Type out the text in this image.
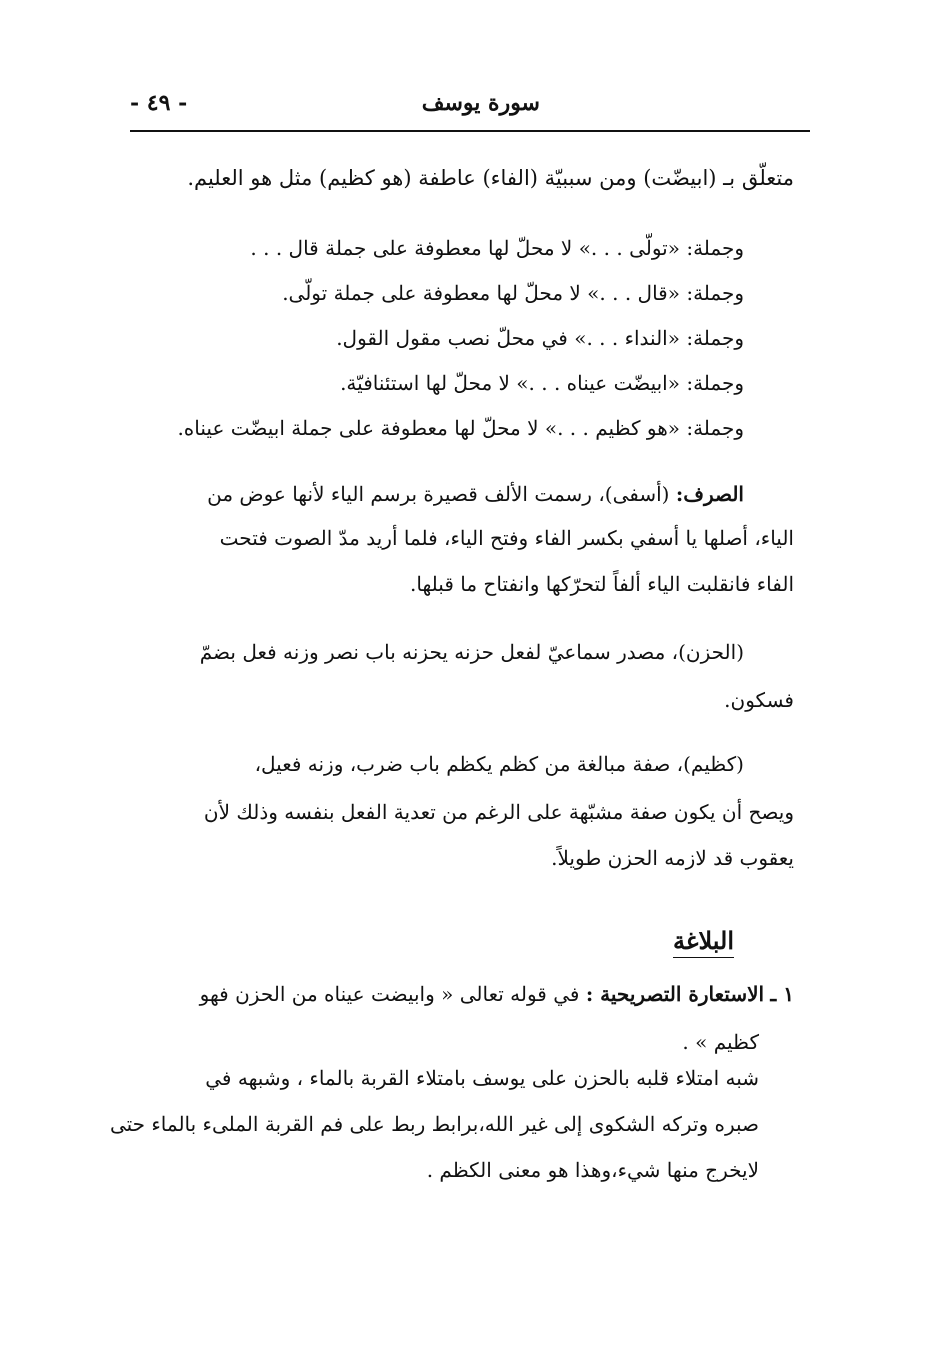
سورة يوسف
- ٤٩ -
متعلّق بـ (ابيضّت) ومن سببيّة (الفاء) عاطفة (هو كظيم) مثل هو العليم.
وجملة: «تولّى . . .» لا محلّ لها معطوفة على جملة قال . . .
وجملة: «قال . . .» لا محلّ لها معطوفة على جملة تولّى.
وجملة: «النداء . . .» في محلّ نصب مقول القول.
وجملة: «ابيضّت عيناه . . .» لا محلّ لها استئنافيّة.
وجملة: «هو كظيم . . .» لا محلّ لها معطوفة على جملة ابيضّت عيناه.
الصرف: (أسفى)، رسمت الألف قصيرة برسم الياء لأنها عوض من
الياء، أصلها يا أسفي بكسر الفاء وفتح الياء، فلما أريد مدّ الصوت فتحت
الفاء فانقلبت الياء ألفاً لتحرّكها وانفتاح ما قبلها.
(الحزن)، مصدر سماعيّ لفعل حزنه يحزنه باب نصر وزنه فعل بضمّ
فسكون.
(كظيم)، صفة مبالغة من كظم يكظم باب ضرب، وزنه فعيل،
ويصح أن يكون صفة مشبّهة على الرغم من تعدية الفعل بنفسه وذلك لأن
يعقوب قد لازمه الحزن طويلاً.
البلاغة
١ ـ الاستعارة التصريحية : في قوله تعالى « وابيضت عيناه من الحزن فهو
كظيم » .
شبه امتلاء قلبه بالحزن على يوسف بامتلاء القربة بالماء ، وشبهه في
صبره وتركه الشكوى إلى غير الله،برابط ربط على فم القربة الملىء بالماء حتى
لايخرج منها شيء،وهذا هو معنى الكظم .
